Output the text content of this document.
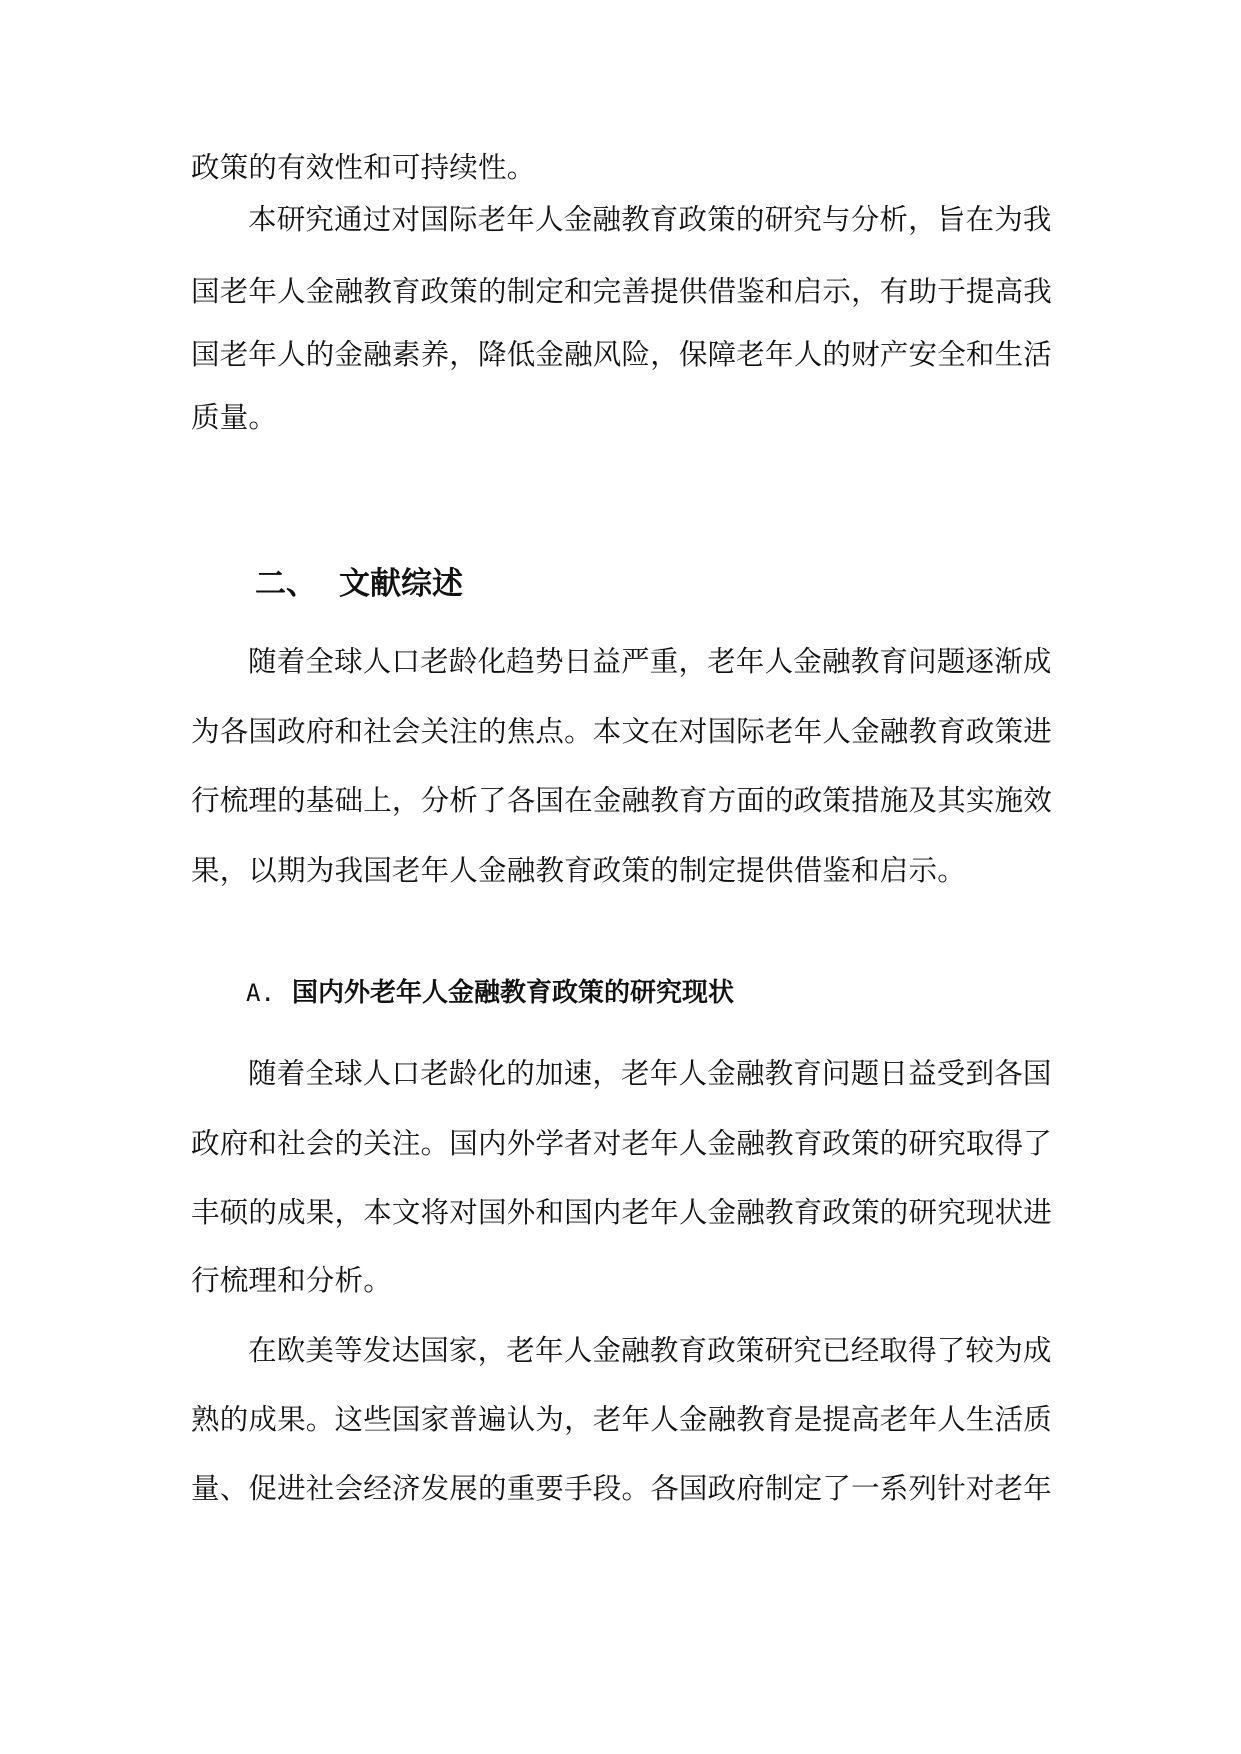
政策的有效性和可持续性。
本研究通过对国际老年人金融教育政策的研究与分析，旨在为我
国老年人金融教育政策的制定和完善提供借鉴和启示，有助于提高我
国老年人的金融素养，降低金融风险，保障老年人的财产安全和生活
质量。
二、 文献综述
随着全球人口老龄化趋势日益严重，老年人金融教育问题逐渐成
为各国政府和社会关注的焦点。本文在对国际老年人金融教育政策进
行梳理的基础上，分析了各国在金融教育方面的政策措施及其实施效
果，以期为我国老年人金融教育政策的制定提供借鉴和启示。
A. 国内外老年人金融教育政策的研究现状
随着全球人口老龄化的加速，老年人金融教育问题日益受到各国
政府和社会的关注。国内外学者对老年人金融教育政策的研究取得了
丰硕的成果，本文将对国外和国内老年人金融教育政策的研究现状进
行梳理和分析。
在欧美等发达国家，老年人金融教育政策研究已经取得了较为成
熟的成果。这些国家普遍认为，老年人金融教育是提高老年人生活质
量、促进社会经济发展的重要手段。各国政府制定了一系列针对老年
